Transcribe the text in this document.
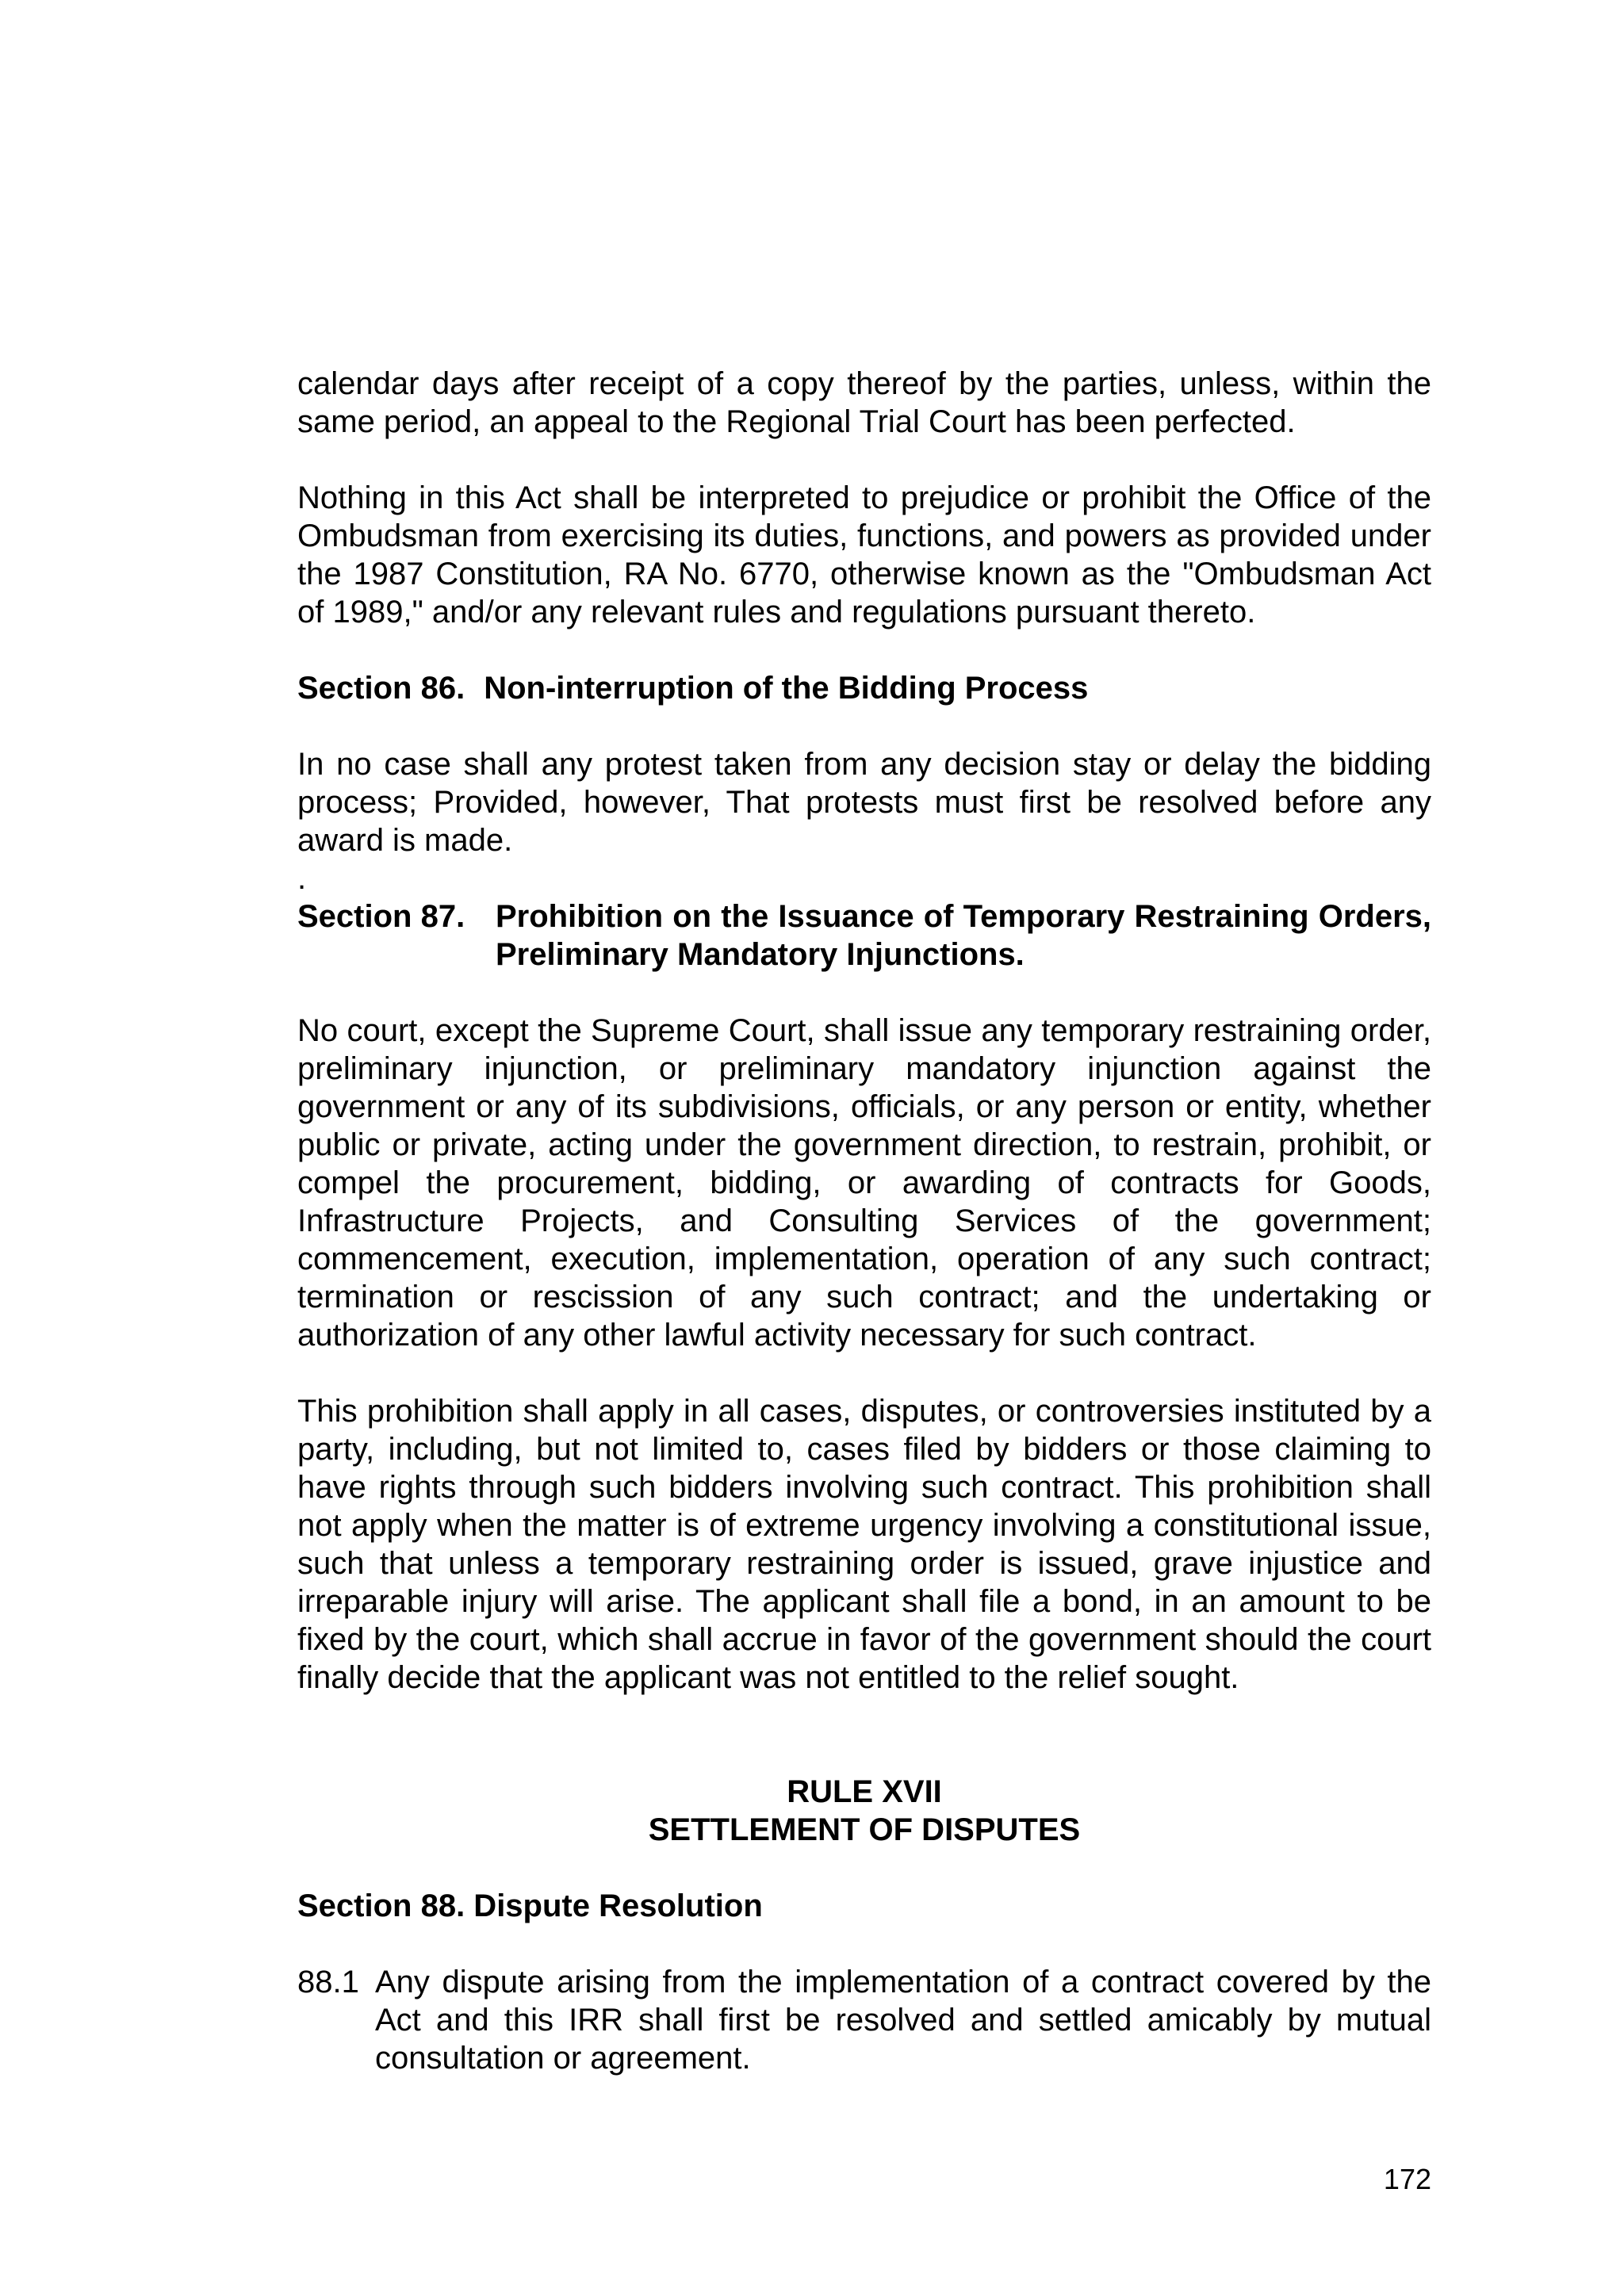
calendar days after receipt of a copy thereof by the parties, unless, within the same period, an appeal to the Regional Trial Court has been perfected.

Nothing in this Act shall be interpreted to prejudice or prohibit the Office of the Ombudsman from exercising its duties, functions, and powers as provided under the 1987 Constitution, RA No. 6770, otherwise known as the "Ombudsman Act of 1989," and/or any relevant rules and regulations pursuant thereto.

Section 86. Non-interruption of the Bidding Process

In no case shall any protest taken from any decision stay or delay the bidding process; Provided, however, That protests must first be resolved before any award is made.

.
Section 87. Prohibition on the Issuance of Temporary Restraining Orders, Preliminary Mandatory Injunctions.

No court, except the Supreme Court, shall issue any temporary restraining order, preliminary injunction, or preliminary mandatory injunction against the government or any of its subdivisions, officials, or any person or entity, whether public or private, acting under the government direction, to restrain, prohibit, or compel the procurement, bidding, or awarding of contracts for Goods, Infrastructure Projects, and Consulting Services of the government; commencement, execution, implementation, operation of any such contract; termination or rescission of any such contract; and the undertaking or authorization of any other lawful activity necessary for such contract.

This prohibition shall apply in all cases, disputes, or controversies instituted by a party, including, but not limited to, cases filed by bidders or those claiming to have rights through such bidders involving such contract. This prohibition shall not apply when the matter is of extreme urgency involving a constitutional issue, such that unless a temporary restraining order is issued, grave injustice and irreparable injury will arise. The applicant shall file a bond, in an amount to be fixed by the court, which shall accrue in favor of the government should the court finally decide that the applicant was not entitled to the relief sought.

RULE XVII
SETTLEMENT OF DISPUTES
Section 88. Dispute Resolution
88.1 Any dispute arising from the implementation of a contract covered by the Act and this IRR shall first be resolved and settled amicably by mutual consultation or agreement.
172
